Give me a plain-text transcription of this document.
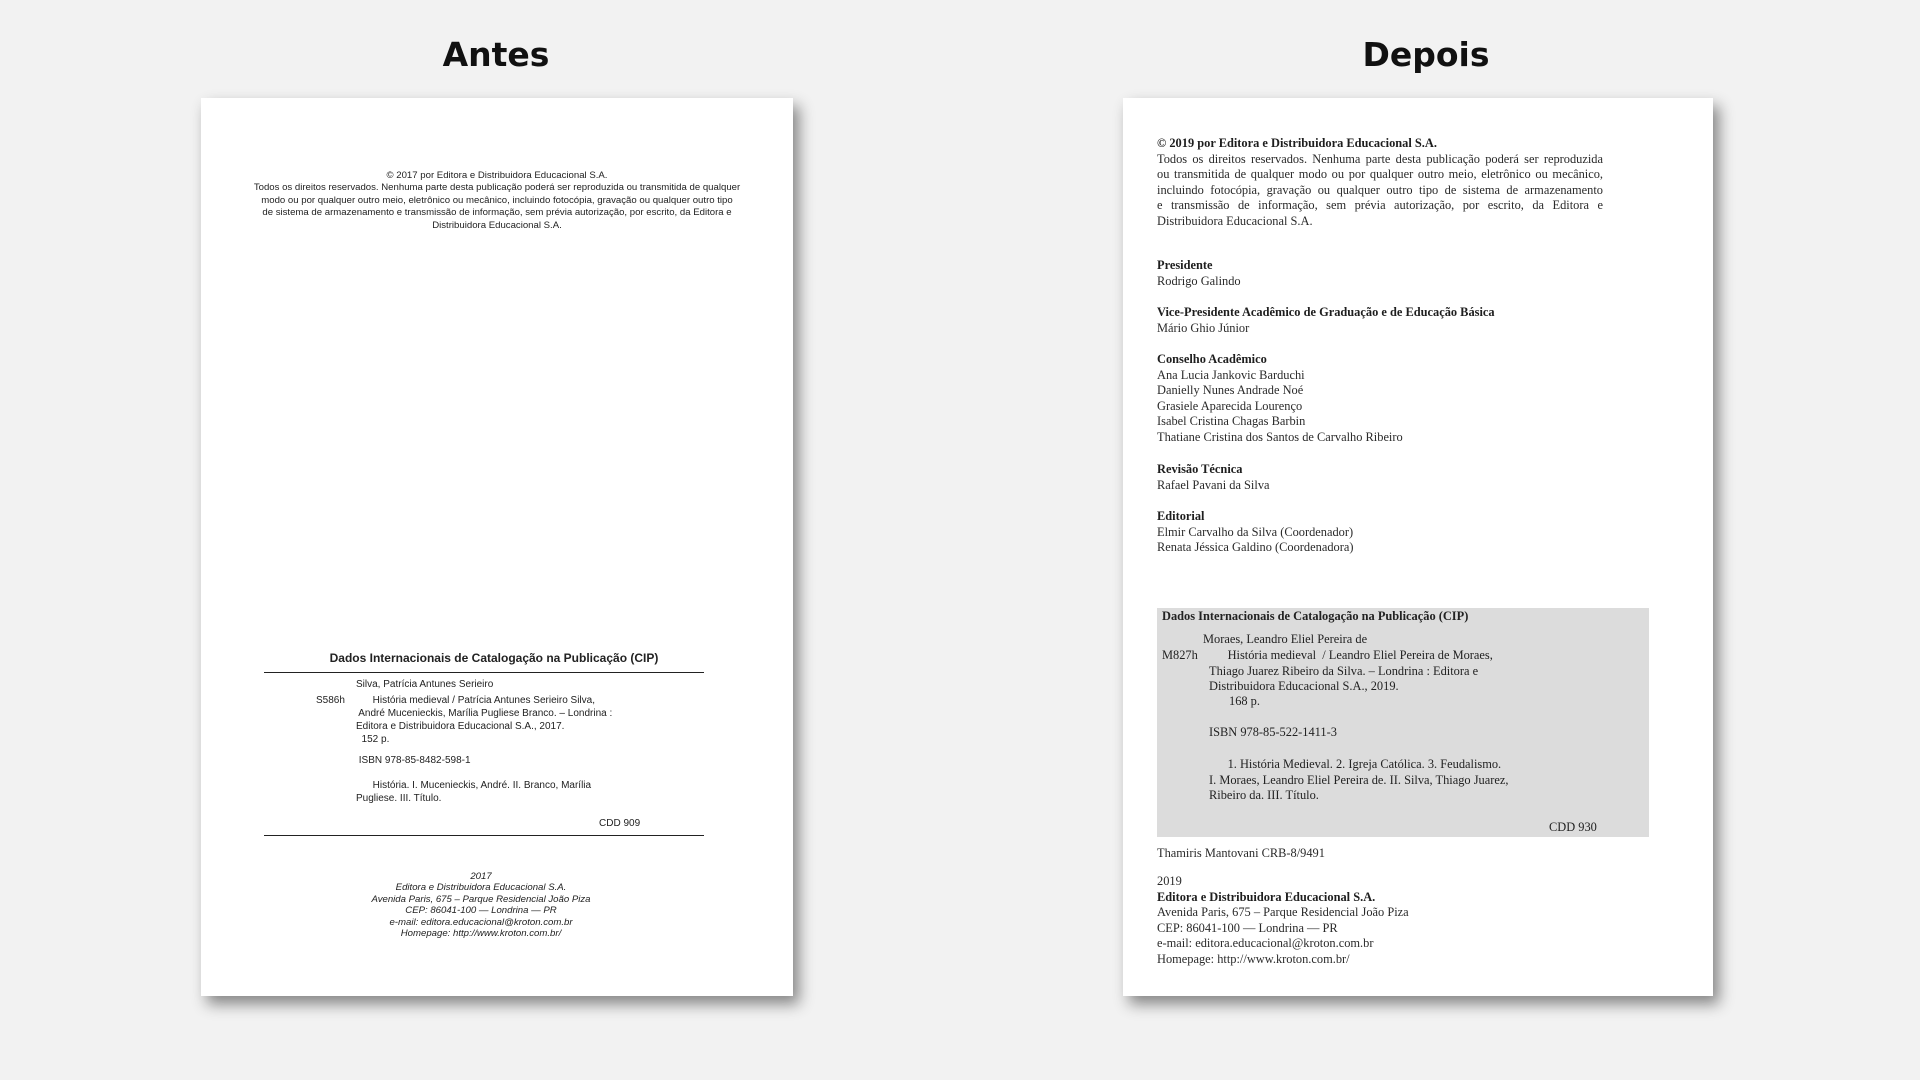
Antes	Depois
© 2017 por Editora e Distribuidora Educacional S.A.
Todos os direitos reservados. Nenhuma parte desta publicação poderá ser reproduzida ou transmitida de qualquer
modo ou por qualquer outro meio, eletrônico ou mecânico, incluindo fotocópia, gravação ou qualquer outro tipo
de sistema de armazenamento e transmissão de informação, sem prévia autorização, por escrito, da Editora e
Distribuidora Educacional S.A.
Dados Internacionais de Catalogação na Publicação (CIP)
Silva, Patrícia Antunes Serieiro
S586h História medieval / Patrícia Antunes Serieiro Silva,
André Mucenieckis, Marília Pugliese Branco. – Londrina :
Editora e Distribuidora Educacional S.A., 2017.
152 p.
ISBN 978-85-8482-598-1
História. I. Mucenieckis, André. II. Branco, Marília
Pugliese. III. Título.
CDD 909
2017
Editora e Distribuidora Educacional S.A.
Avenida Paris, 675 – Parque Residencial João Piza
CEP: 86041-100 — Londrina — PR
e-mail: editora.educacional@kroton.com.br
Homepage: http://www.kroton.com.br/
© 2019 por Editora e Distribuidora Educacional S.A.
Todos os direitos reservados. Nenhuma parte desta publicação poderá ser reproduzida
ou transmitida de qualquer modo ou por qualquer outro meio, eletrônico ou mecânico,
incluindo fotocópia, gravação ou qualquer outro tipo de sistema de armazenamento
e transmissão de informação, sem prévia autorização, por escrito, da Editora e
Distribuidora Educacional S.A.
Presidente
Rodrigo Galindo
Vice-Presidente Acadêmico de Graduação e de Educação Básica
Mário Ghio Júnior
Conselho Acadêmico
Ana Lucia Jankovic Barduchi
Danielly Nunes Andrade Noé
Grasiele Aparecida Lourenço
Isabel Cristina Chagas Barbin
Thatiane Cristina dos Santos de Carvalho Ribeiro
Revisão Técnica
Rafael Pavani da Silva
Editorial
Elmir Carvalho da Silva (Coordenador)
Renata Jéssica Galdino (Coordenadora)
Dados Internacionais de Catalogação na Publicação (CIP)
Moraes, Leandro Eliel Pereira de
M827h História medieval  / Leandro Eliel Pereira de Moraes,
Thiago Juarez Ribeiro da Silva. – Londrina : Editora e
Distribuidora Educacional S.A., 2019.
168 p.
ISBN 978-85-522-1411-3
1. História Medieval. 2. Igreja Católica. 3. Feudalismo.
I. Moraes, Leandro Eliel Pereira de. II. Silva, Thiago Juarez,
Ribeiro da. III. Título.
CDD 930
Thamiris Mantovani CRB-8/9491
2019
Editora e Distribuidora Educacional S.A.
Avenida Paris, 675 – Parque Residencial João Piza
CEP: 86041-100 — Londrina — PR
e-mail: editora.educacional@kroton.com.br
Homepage: http://www.kroton.com.br/
